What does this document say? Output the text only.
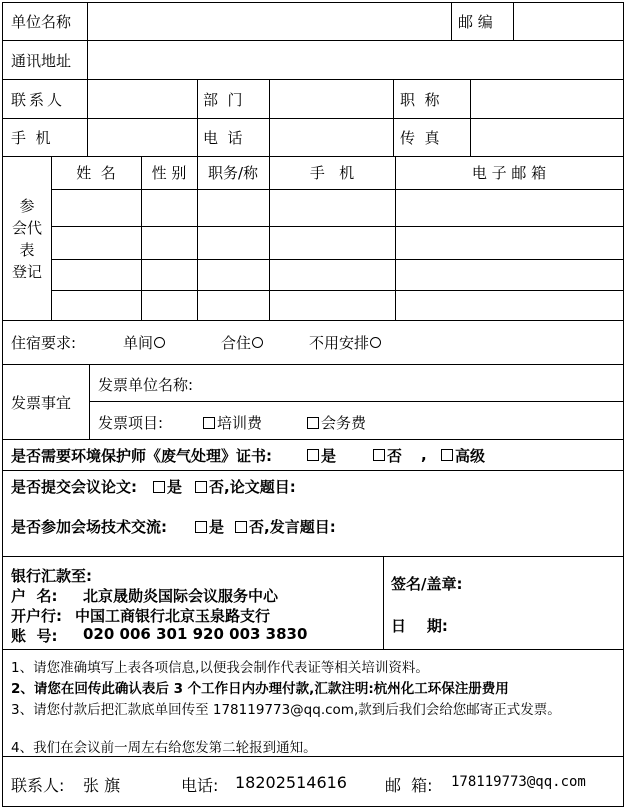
单位名称	邮 编
通讯地址
联系人	部  门	职  称
手  机	电  话	传  真
参
会代
表
登记
姓  名	性 别	职务/称	手   机	电 子 邮 箱
住宿要求:	单间	合住	不用安排
发票事宜
发票单位名称:
发票项目:	培训费	会务费
是否需要环境保护师《废气处理》证书:	是	否 , 高级
是否提交会议论文:	是	否,论文题目:
是否参加会场技术交流:	是	否,发言题目:
银行汇款至:
户  名: 北京晟勋炎国际会议服务中心
开户行: 中国工商银行北京玉泉路支行
账  号: 020 006 301 920 003 3830
签名/盖章:
日    期:
1、请您准确填写上表各项信息,以便我会制作代表证等相关培训资料。
2、请您在回传此确认表后 3 个工作日内办理付款,汇款注明:杭州化工环保注册费用
3、请您付款后把汇款底单回传至 178119773@qq.com,款到后我们会给您邮寄正式发票。
4、我们在会议前一周左右给您发第二轮报到通知。
联系人: 张 旗	电话: 18202514616 邮  箱: 178119773@qq.com
